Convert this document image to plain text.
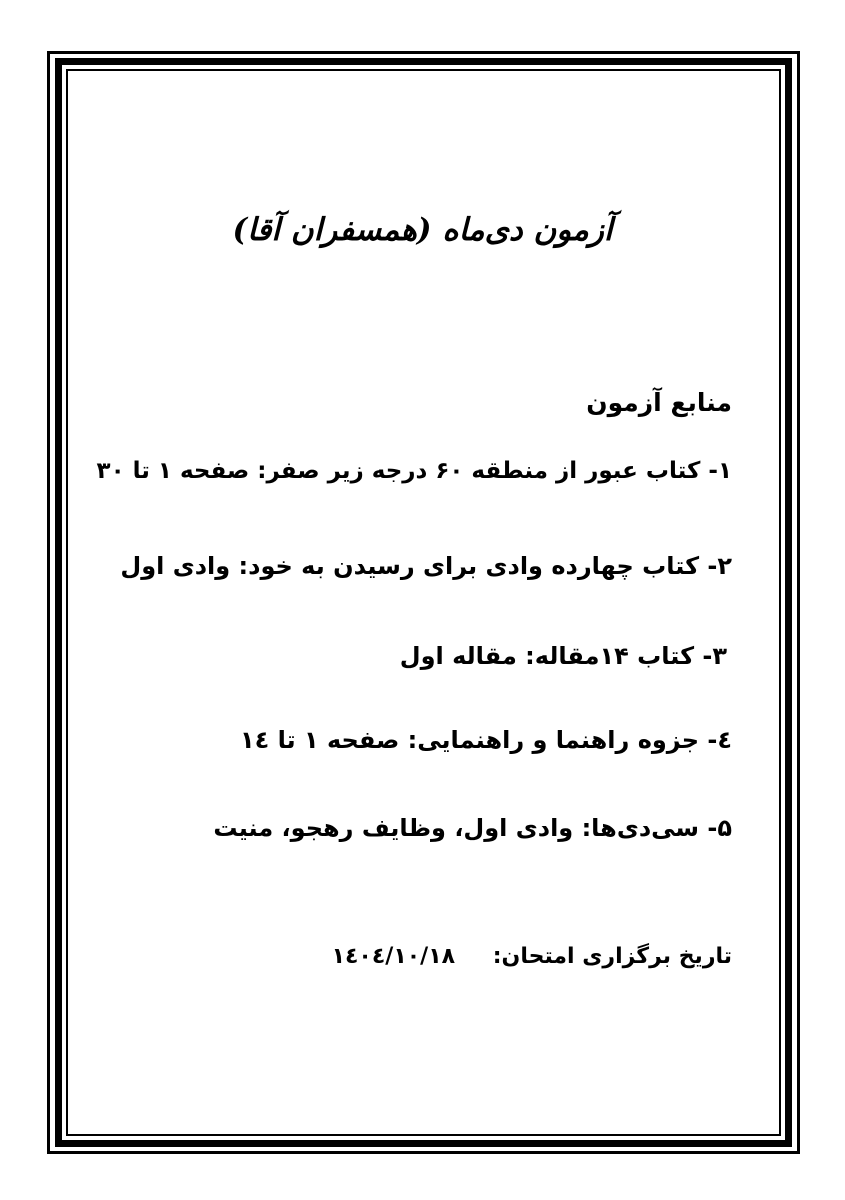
آزمون دی‌ماه (همسفران آقا)
منابع آزمون
۱- کتاب عبور از منطقه ۶۰ درجه زیر صفر: صفحه ۱ تا ۳۰
۲- کتاب چهارده وادی برای رسیدن به خود: وادی اول
۳- کتاب ۱۴مقاله: مقاله اول
٤- جزوه راهنما و راهنمایی: صفحه ۱ تا ۱٤
۵- سی‌دی‌ها: وادی اول، وظایف رهجو، منیت
تاریخ برگزاری امتحان: ۱٤۰٤/۱۰/۱۸
